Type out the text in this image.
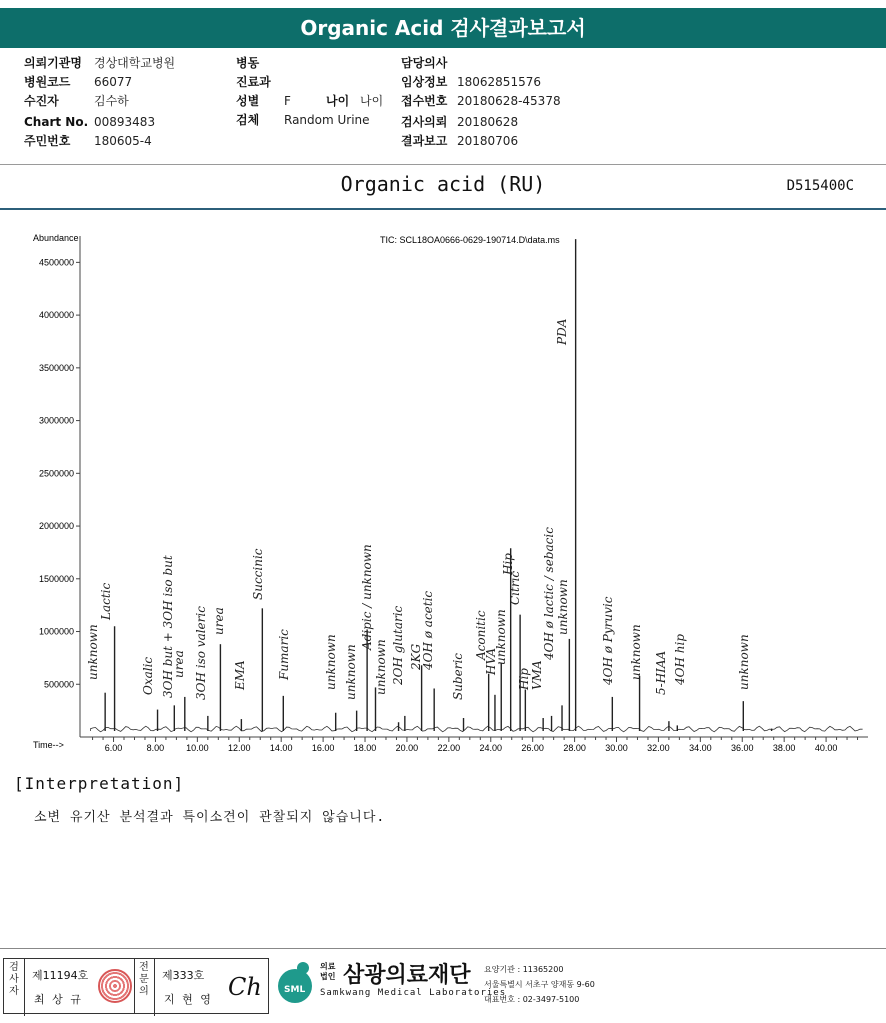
Organic Acid 검사결과보고서
의뢰기관명 경상대학교병원
병원코드 66077
수진자	김수하
Chart No. 00893483
주민번호 180605-4
병동
진료과
성별 F	나이 나이
검체 Random Urine
담당의사
임상정보 18062851576
접수번호 20180628-45378
검사의뢰 20180628
결과보고 20180706
Organic acid (RU)	D515400C
Abundance	TIC: SCL18OA0666-0629-190714.D\data.ms
Time-->
500000
1000000
1500000
2000000
2500000
3000000
3500000
4000000
4500000
6.00	8.00 10.00 12.00 14.00 16.00 18.00 20.00 22.00 24.00 26.00 28.00 30.00 32.00 34.00 36.00 38.00 40.00
unknown
Lactic
Oxalic 3OH but + 3OH iso but
urea 3OH iso valeric urea
EMA
Succinic
Fumaric	unknown unknown
Adipic / unknown
unknown 2OH glutaric 2KG
4OH ø acetic
Suberic
Aconitic
HVA
unknown
Hip
Citric
Hip VMA
4OH ø lactic / sebacic unknown
PDA
4OH ø Pyruvic unknown 5-HIAA 4OH hip	unknown
[Interpretation]
소변 유기산 분석결과 특이소견이 관찰되지 않습니다.
검
사
자
제11194호
최 상 규
전
문
의
제333호
지 현 영 Ch SML
의료
법인 삼광의료재단
Samkwang Medical Laboratories
요양기관 : 11365200
서울특별시 서초구 양재동 9-60
대표번호 : 02-3497-5100
